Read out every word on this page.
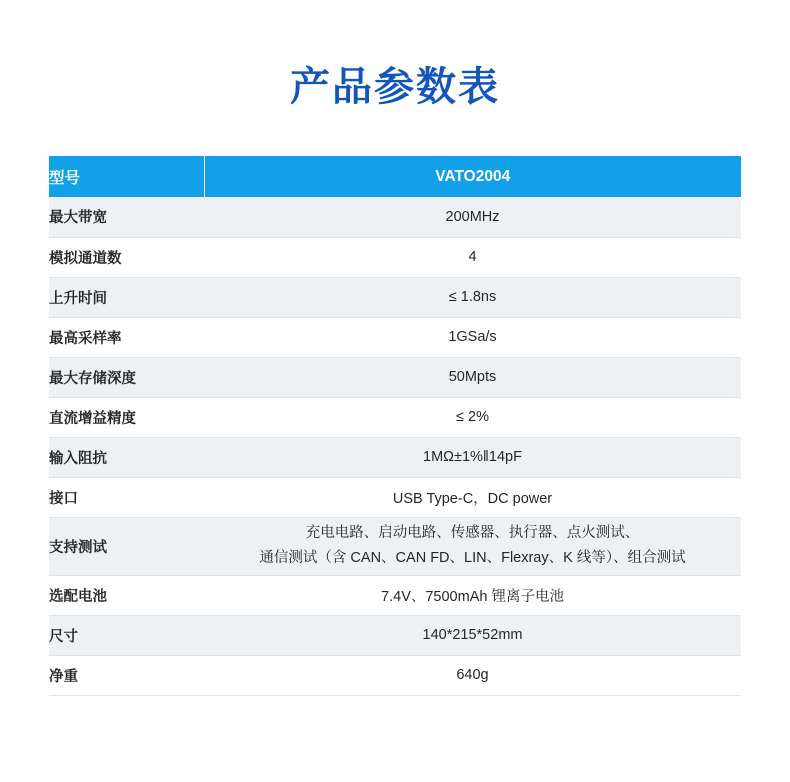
产品参数表
型号	VATO2004
最大带宽	200MHz
模拟通道数	4
上升时间	≤ 1.8ns
最高采样率	1GSa/s
最大存储深度	50Mpts
直流增益精度	≤ 2%
输入阻抗	1MΩ±1%‖14pF
接口	USB Type-C，DC power
支持测试	充电电路、启动电路、传感器、执行器、点火测试、
通信测试（含 CAN、CAN FD、LIN、Flexray、K 线等）、组合测试

选配电池	7.4V、7500mAh 锂离子电池
尺寸	140*215*52mm
净重	640g
